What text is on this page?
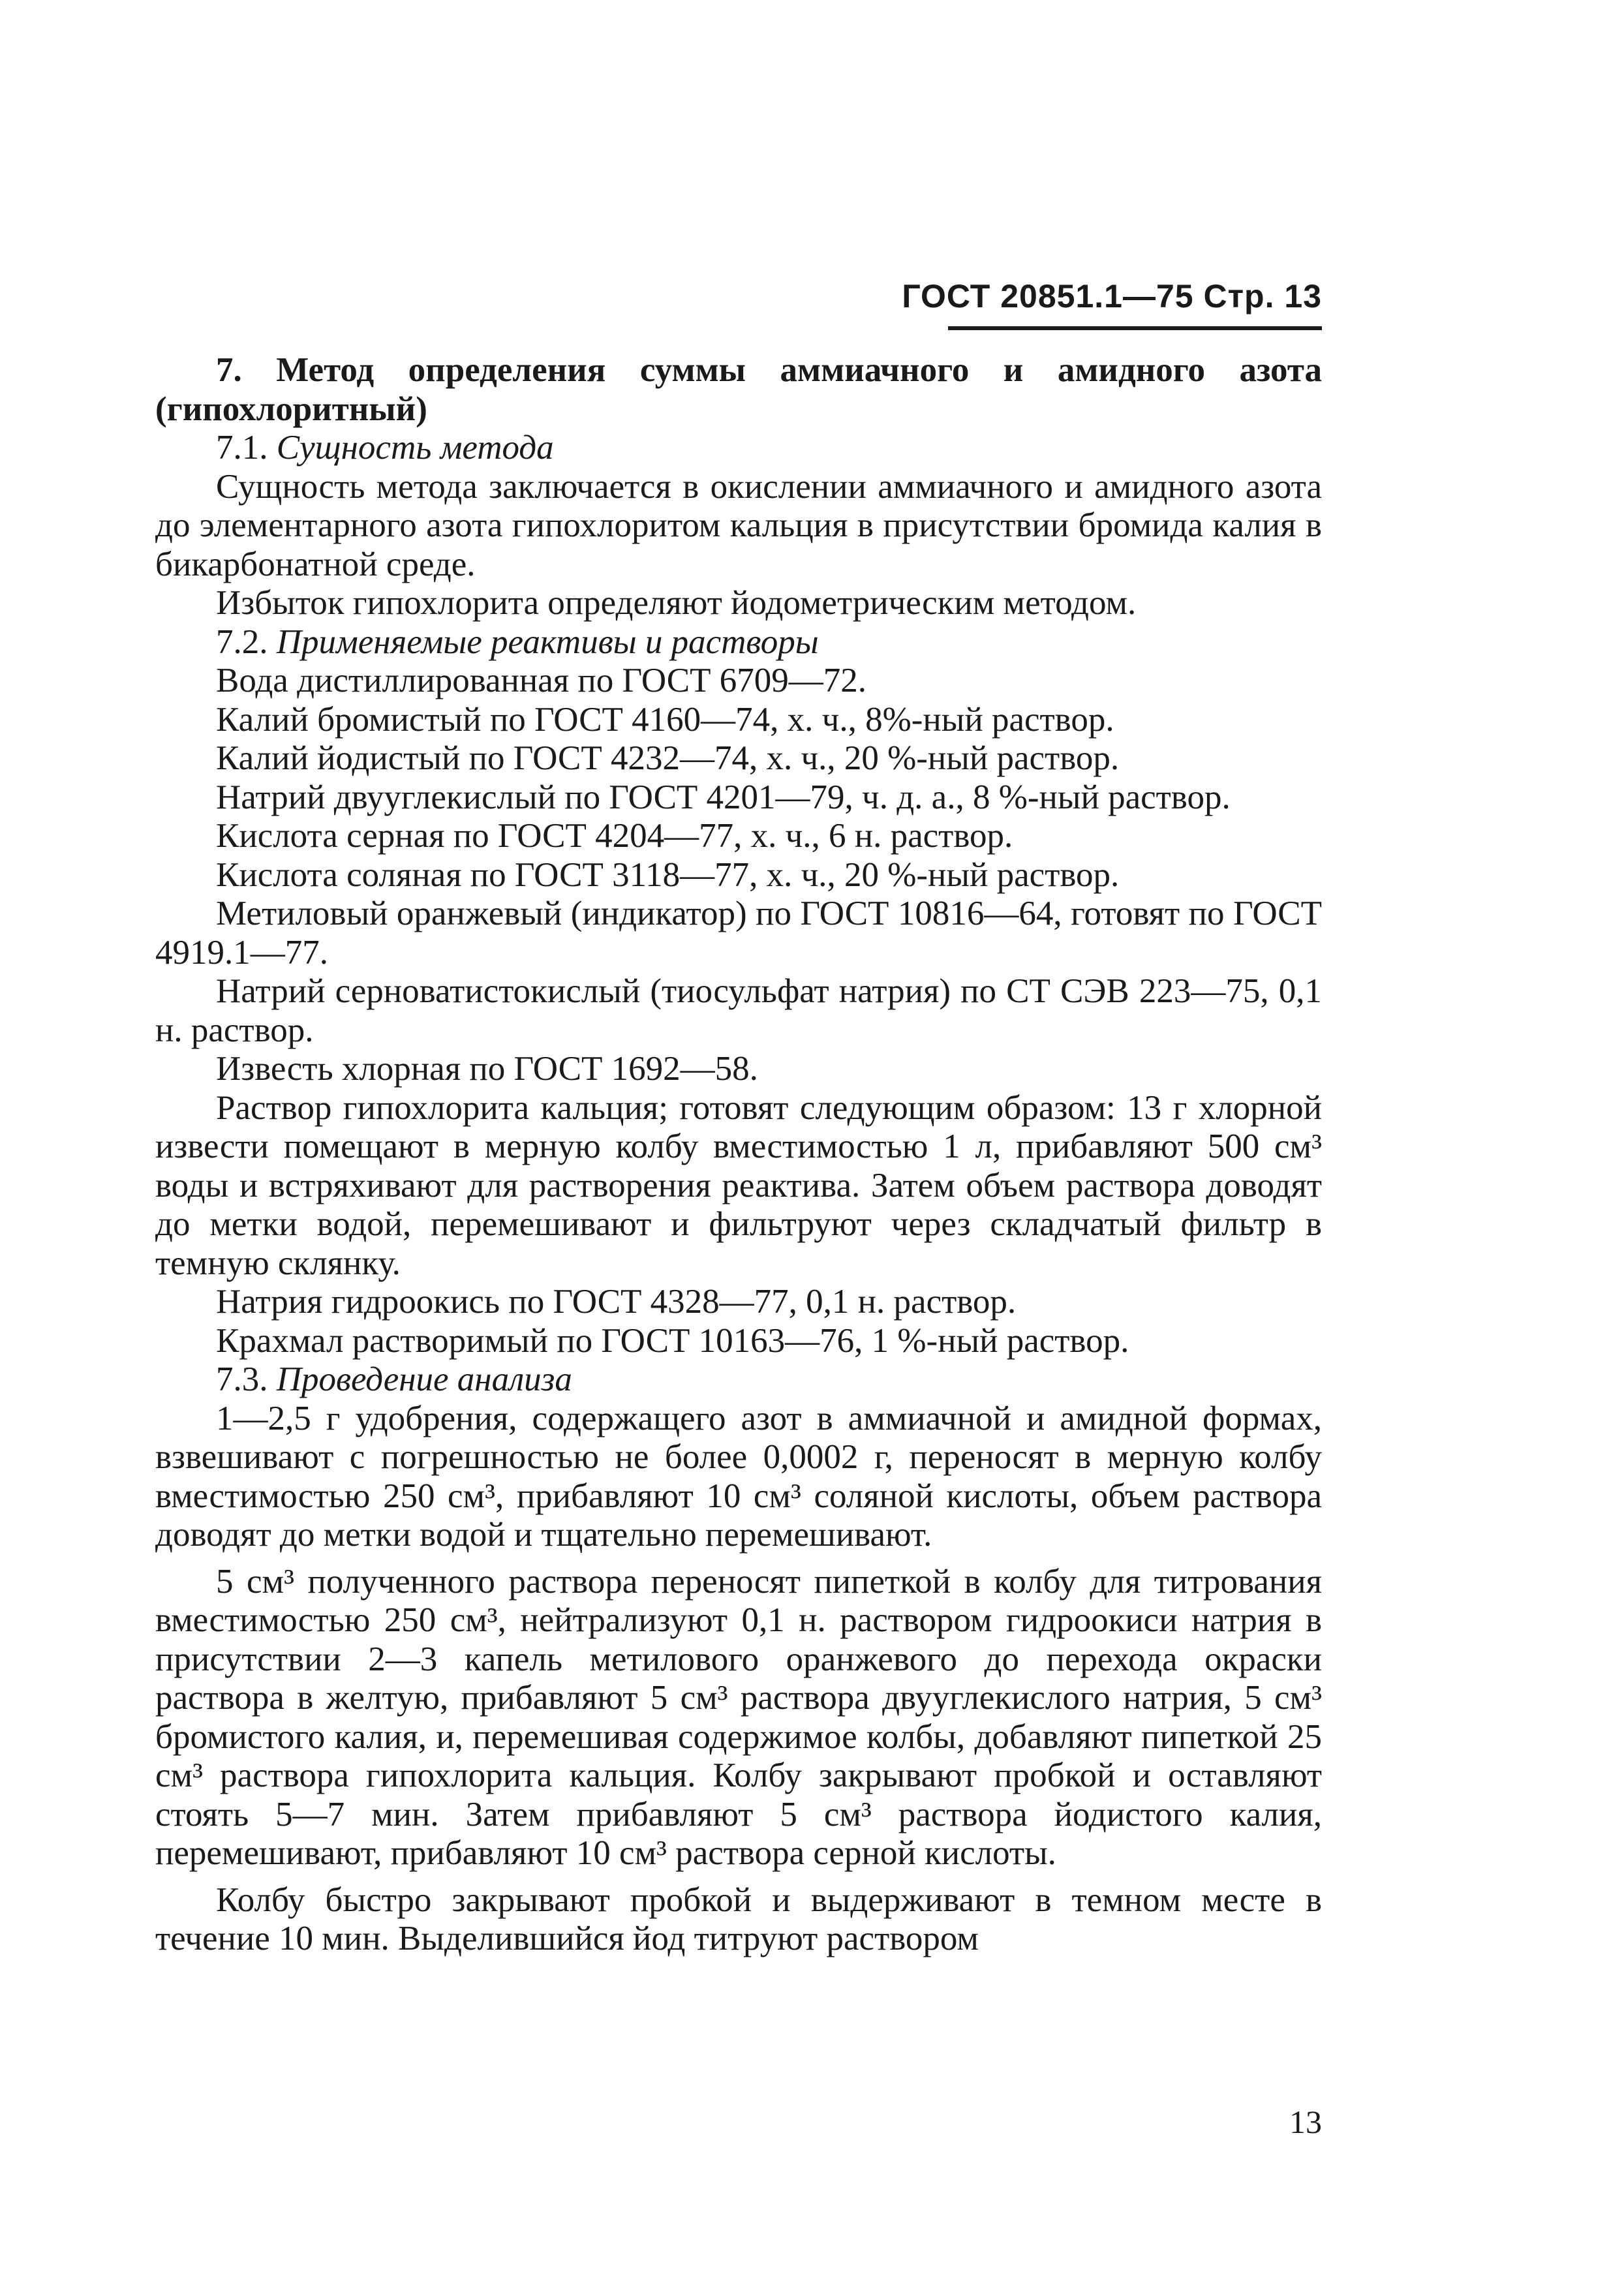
ГОСТ 20851.1—75 Стр. 13

7. Метод определения суммы аммиачного и амидного азота (гипохлоритный)

7.1. Сущность метода

Сущность метода заключается в окислении аммиачного и амидного азота до элементарного азота гипохлоритом кальция в присутствии бромида калия в бикарбонатной среде.

Избыток гипохлорита определяют йодометрическим методом.

7.2. Применяемые реактивы и растворы

Вода дистиллированная по ГОСТ 6709—72.

Калий бромистый по ГОСТ 4160—74, х. ч., 8%-ный раствор.

Калий йодистый по ГОСТ 4232—74, х. ч., 20 %-ный раствор.

Натрий двууглекислый по ГОСТ 4201—79, ч. д. а., 8 %-ный раствор.

Кислота серная по ГОСТ 4204—77, х. ч., 6 н. раствор.

Кислота соляная по ГОСТ 3118—77, х. ч., 20 %-ный раствор.

Метиловый оранжевый (индикатор) по ГОСТ 10816—64, готовят по ГОСТ 4919.1—77.

Натрий серноватистокислый (тиосульфат натрия) по СТ СЭВ 223—75, 0,1 н. раствор.

Известь хлорная по ГОСТ 1692—58.

Раствор гипохлорита кальция; готовят следующим образом: 13 г хлорной извести помещают в мерную колбу вместимостью 1 л, прибавляют 500 см³ воды и встряхивают для растворения реактива. Затем объем раствора доводят до метки водой, перемешивают и фильтруют через складчатый фильтр в темную склянку.

Натрия гидроокись по ГОСТ 4328—77, 0,1 н. раствор.

Крахмал растворимый по ГОСТ 10163—76, 1 %-ный раствор.

7.3. Проведение анализа

1—2,5 г удобрения, содержащего азот в аммиачной и амидной формах, взвешивают с погрешностью не более 0,0002 г, переносят в мерную колбу вместимостью 250 см³, прибавляют 10 см³ соляной кислоты, объем раствора доводят до метки водой и тщательно перемешивают.

5 см³ полученного раствора переносят пипеткой в колбу для титрования вместимостью 250 см³, нейтрализуют 0,1 н. раствором гидроокиси натрия в присутствии 2—3 капель метилового оранжевого до перехода окраски раствора в желтую, прибавляют 5 см³ раствора двууглекислого натрия, 5 см³ бромистого калия, и, перемешивая содержимое колбы, добавляют пипеткой 25 см³ раствора гипохлорита кальция. Колбу закрывают пробкой и оставляют стоять 5—7 мин. Затем прибавляют 5 см³ раствора йодистого калия, перемешивают, прибавляют 10 см³ раствора серной кислоты.

Колбу быстро закрывают пробкой и выдерживают в темном месте в течение 10 мин. Выделившийся йод титруют раствором

13
